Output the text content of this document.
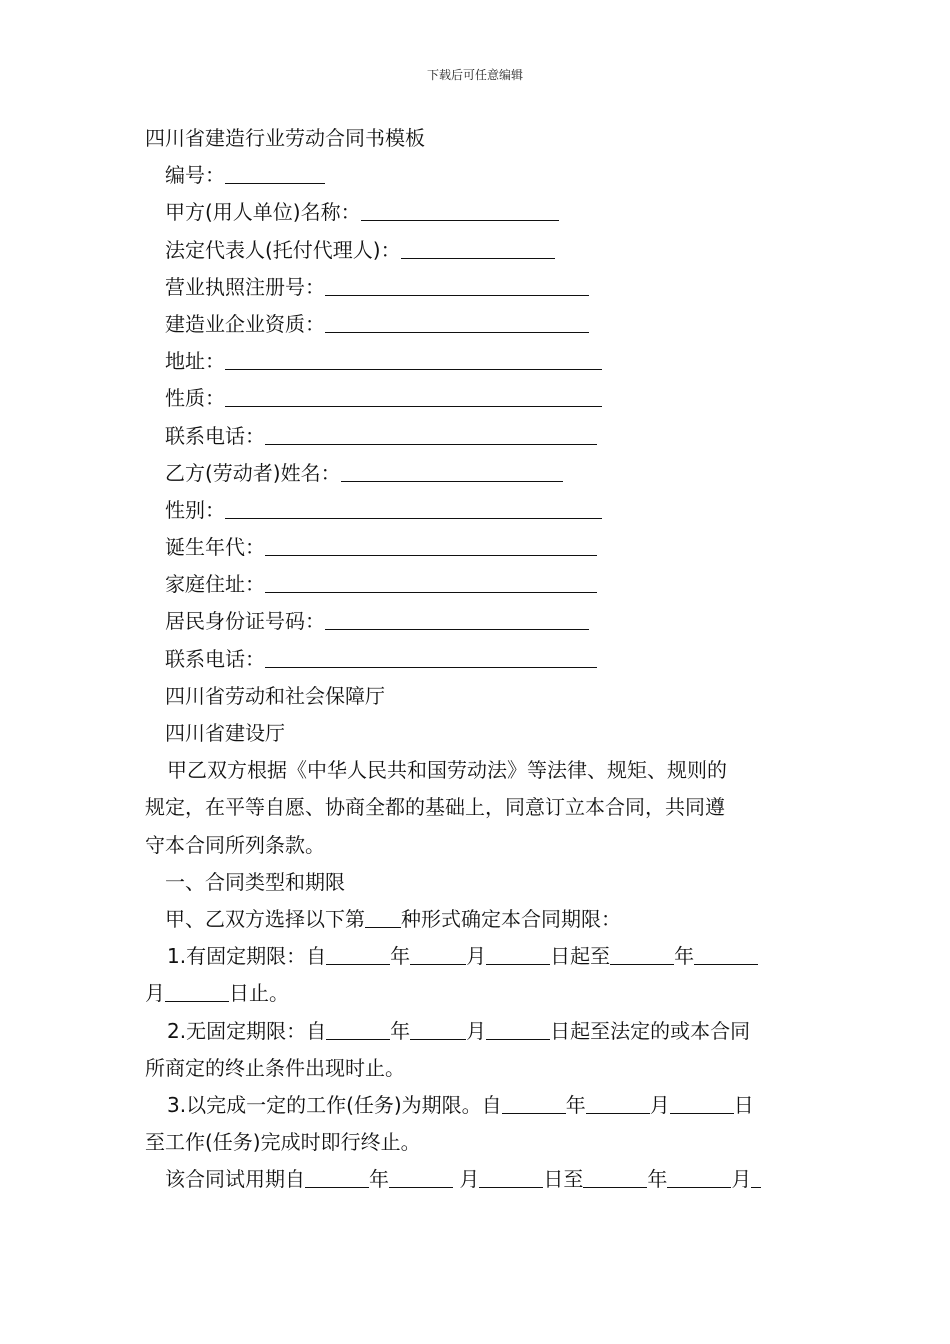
下载后可任意编辑
四川省建造行业劳动合同书模板
编号：
甲方(用人单位)名称：
法定代表人(托付代理人)：
营业执照注册号：
建造业企业资质：
地址：
性质：
联系电话：
乙方(劳动者)姓名：
性别：
诞生年代：
家庭住址：
居民身份证号码：
联系电话：
四川省劳动和社会保障厅
四川省建设厅
甲乙双方根据《中华人民共和国劳动法》等法律、规矩、规则的
规定，在平等自愿、协商全都的基础上，同意订立本合同，共同遵
守本合同所列条款。
一、合同类型和期限
甲、乙双方选择以下第 种形式确定本合同期限：
1.有固定期限：自	年	月	日起至	年
月	日止。
2.无固定期限：自	年	月	日起至法定的或本合同
所商定的终止条件出现时止。
3.以完成一定的工作(任务)为期限。自	年	月	日
至工作(任务)完成时即行终止。
该合同试用期自	年	月	日至	年	月
